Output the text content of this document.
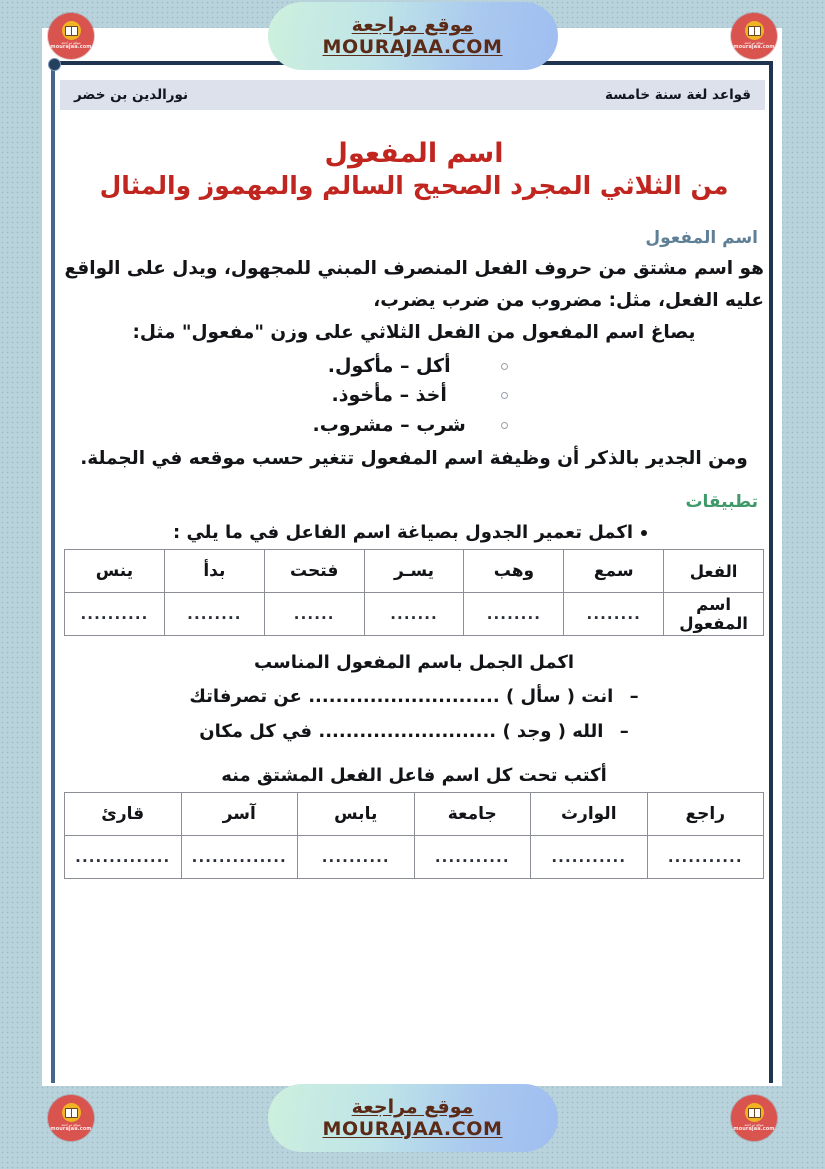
موقع مراجعة
mourajaa.com
موقع مراجعة
MOURAJAA.COM	موقع مراجعة
mourajaa.com
قواعد لغة سنة خامسة
نورالدين بن خضر
اسم المفعول
من الثلاثي المجرد الصحيح السالم والمهموز والمثال
اسم المفعول
هو اسم مشتق من حروف الفعل المنصرف المبني للمجهول، ويدل على الواقع
عليه الفعل، مثل: مضروب من ضرب يضرب،
يصاغ اسم المفعول من الفعل الثلاثي على وزن "مفعول" مثل:
أكل – مأكول.
أخذ – مأخوذ.
شرب – مشروب.
ومن الجدير بالذكر أن وظيفة اسم المفعول تتغير حسب موقعه في الجملة.
تطبيقات
اكمل تعمير الجدول بصياغة اسم الفاعل في ما يلي :
الفعل	سمع	وهب	يسـر	فتحت	بدأ	ينس
اسم المفعول	........	........	.......	......	........	..........
اكمل الجمل باسم المفعول المناسب
– انت ( سأل ) ............................ عن تصرفاتك
– الله ( وجد ) .......................... في كل مكان
أكتب تحت كل اسم فاعل الفعل المشتق منه
راجع	الوارث	جامعة	يابس	آسر	قارئ
...........	...........	...........	..........	..............	..............
موقع مراجعة
mourajaa.com
موقع مراجعة
MOURAJAA.COM	موقع مراجعة
mourajaa.com
